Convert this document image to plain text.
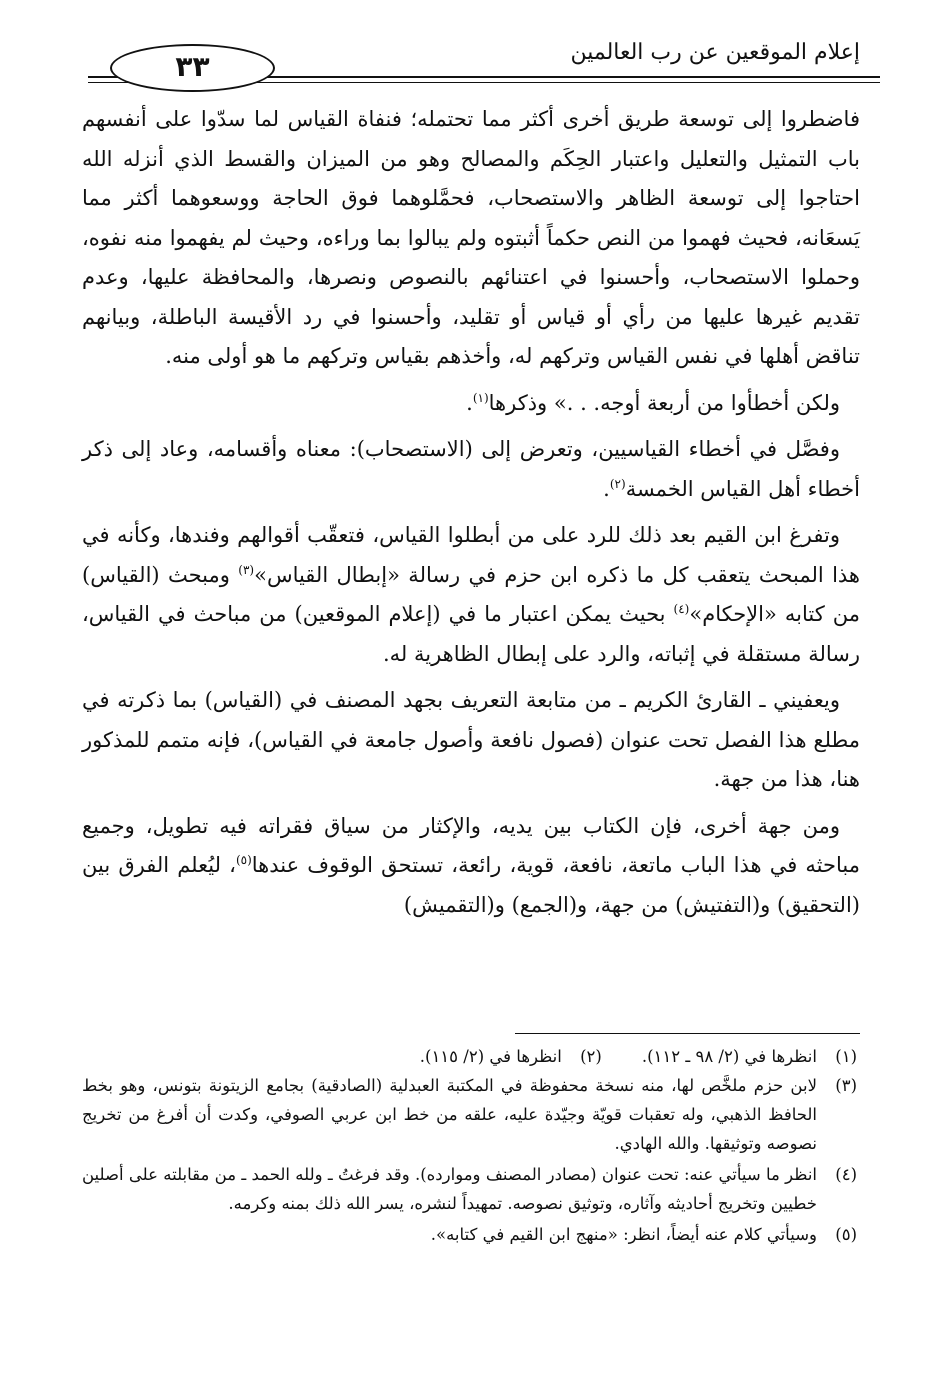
٣٣	إعلام الموقعين عن رب العالمين

فاضطروا إلى توسعة طريق أخرى أكثر مما تحتمله؛ فنفاة القياس لما سدّوا على أنفسهم باب التمثيل والتعليل واعتبار الحِكَم والمصالح وهو من الميزان والقسط الذي أنزله الله احتاجوا إلى توسعة الظاهر والاستصحاب، فحمَّلوهما فوق الحاجة ووسعوهما أكثر مما يَسعَانه، فحيث فهموا من النص حكماً أثبتوه ولم يبالوا بما وراءه، وحيث لم يفهموا منه نفوه، وحملوا الاستصحاب، وأحسنوا في اعتنائهم بالنصوص ونصرها، والمحافظة عليها، وعدم تقديم غيرها عليها من رأي أو قياس أو تقليد، وأحسنوا في رد الأقيسة الباطلة، وبيانهم تناقض أهلها في نفس القياس وتركهم له، وأخذهم بقياس وتركهم ما هو أولى منه.

ولكن أخطأوا من أربعة أوجه. . .» وذكرها$^{(١)}$.

وفصَّل في أخطاء القياسيين، وتعرض إلى (الاستصحاب): معناه وأقسامه، وعاد إلى ذكر أخطاء أهل القياس الخمسة$^{(٢)}$.

وتفرغ ابن القيم بعد ذلك للرد على من أبطلوا القياس، فتعقّب أقوالهم وفندها، وكأنه في هذا المبحث يتعقب كل ما ذكره ابن حزم في رسالة «إبطال القياس»$^{(٣)}$ ومبحث (القياس) من كتابه «الإحكام»$^{(٤)}$ بحيث يمكن اعتبار ما في (إعلام الموقعين) من مباحث في القياس، رسالة مستقلة في إثباته، والرد على إبطال الظاهرية له.

ويعفيني ـ القارئ الكريم ـ من متابعة التعريف بجهد المصنف في (القياس) بما ذكرته في مطلع هذا الفصل تحت عنوان (فصول نافعة وأصول جامعة في القياس)، فإنه متمم للمذكور هنا، هذا من جهة.

ومن جهة أخرى، فإن الكتاب بين يديه، والإكثار من سياق فقراته فيه تطويل، وجميع مباحثه في هذا الباب ماتعة، نافعة، قوية، رائعة، تستحق الوقوف عندها$^{(٥)}$، ليُعلم الفرق بين (التحقيق) و(التفتيش) من جهة، و(الجمع) و(التقميش)

(١)
انظرها في (٢/ ٩٨ ـ ١١٢).
(٢)
انظرها في (٢/ ١١٥).
(٣)
لابن حزم ملخَّص لها، منه نسخة محفوظة في المكتبة العبدلية (الصادقية) بجامع الزيتونة بتونس، وهو بخط الحافظ الذهبي، وله تعقبات قويّة وجيّدة عليه، علقه من خط ابن عربي الصوفي، وكدت أن أفرغ من تخريج نصوصه وتوثيقها. والله الهادي.
(٤)
انظر ما سيأتي عنه: تحت عنوان (مصادر المصنف وموارده). وقد فرغتُ ـ ولله الحمد ـ من مقابلته على أصلين خطيين وتخريج أحاديثه وآثاره، وتوثيق نصوصه. تمهيداً لنشره، يسر الله ذلك بمنه وكرمه.
(٥)
وسيأتي كلام عنه أيضاً، انظر: «منهج ابن القيم في كتابه».
